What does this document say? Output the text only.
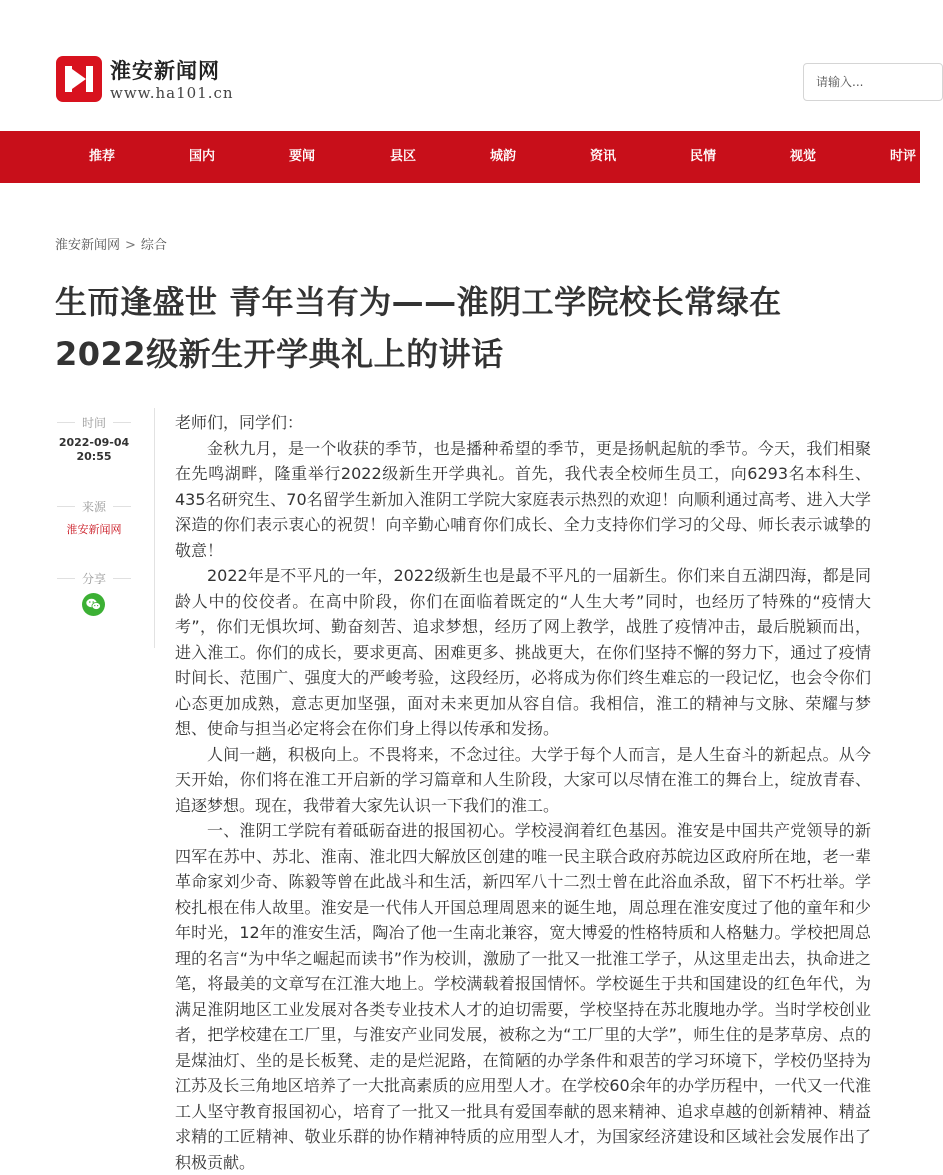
淮安新闻网
www.ha101.cn
请输入...
推荐	国内	要闻	县区	城韵	资讯	民情	视觉	时评
淮安新闻网 > 综合
生而逢盛世 青年当有为——淮阴工学院校长常绿在
2022级新生开学典礼上的讲话
时间
2022-09-04
20:55
来源
淮安新闻网
分享

老师们，同学们：

金秋九月，是一个收获的季节，也是播种希望的季节，更是扬帆起航的季节。今天，我们相聚在先鸣湖畔，隆重举行2022级新生开学典礼。首先，我代表全校师生员工，向6293名本科生、435名研究生、70名留学生新加入淮阴工学院大家庭表示热烈的欢迎！向顺利通过高考、进入大学深造的你们表示衷心的祝贺！向辛勤心哺育你们成长、全力支持你们学习的父母、师长表示诚挚的敬意！

2022年是不平凡的一年，2022级新生也是最不平凡的一届新生。你们来自五湖四海，都是同龄人中的佼佼者。在高中阶段，你们在面临着既定的“人生大考”同时，也经历了特殊的“疫情大考”，你们无惧坎坷、勤奋刻苦、追求梦想，经历了网上教学，战胜了疫情冲击，最后脱颖而出，进入淮工。你们的成长，要求更高、困难更多、挑战更大，在你们坚持不懈的努力下，通过了疫情时间长、范围广、强度大的严峻考验，这段经历，必将成为你们终生难忘的一段记忆，也会令你们心态更加成熟，意志更加坚强，面对未来更加从容自信。我相信，淮工的精神与文脉、荣耀与梦想、使命与担当必定将会在你们身上得以传承和发扬。

人间一趟，积极向上。不畏将来，不念过往。大学于每个人而言，是人生奋斗的新起点。从今天开始，你们将在淮工开启新的学习篇章和人生阶段，大家可以尽情在淮工的舞台上，绽放青春、追逐梦想。现在，我带着大家先认识一下我们的淮工。

一、淮阴工学院有着砥砺奋进的报国初心。学校浸润着红色基因。淮安是中国共产党领导的新四军在苏中、苏北、淮南、淮北四大解放区创建的唯一民主联合政府苏皖边区政府所在地，老一辈革命家刘少奇、陈毅等曾在此战斗和生活，新四军八十二烈士曾在此浴血杀敌，留下不朽壮举。学校扎根在伟人故里。淮安是一代伟人开国总理周恩来的诞生地，周总理在淮安度过了他的童年和少年时光，12年的淮安生活，陶冶了他一生南北兼容，宽大博爱的性格特质和人格魅力。学校把周总理的名言“为中华之崛起而读书”作为校训，激励了一批又一批淮工学子，从这里走出去，执命进之笔，将最美的文章写在江淮大地上。学校满载着报国情怀。学校诞生于共和国建设的红色年代，为满足淮阴地区工业发展对各类专业技术人才的迫切需要，学校坚持在苏北腹地办学。当时学校创业者，把学校建在工厂里，与淮安产业同发展，被称之为“工厂里的大学”，师生住的是茅草房、点的是煤油灯、坐的是长板凳、走的是烂泥路，在简陋的办学条件和艰苦的学习环境下，学校仍坚持为江苏及长三角地区培养了一大批高素质的应用型人才。在学校60余年的办学历程中，一代又一代淮工人坚守教育报国初心，培育了一批又一批具有爱国奉献的恩来精神、追求卓越的创新精神、精益求精的工匠精神、敬业乐群的协作精神特质的应用型人才，为国家经济建设和区域社会发展作出了积极贡献。
